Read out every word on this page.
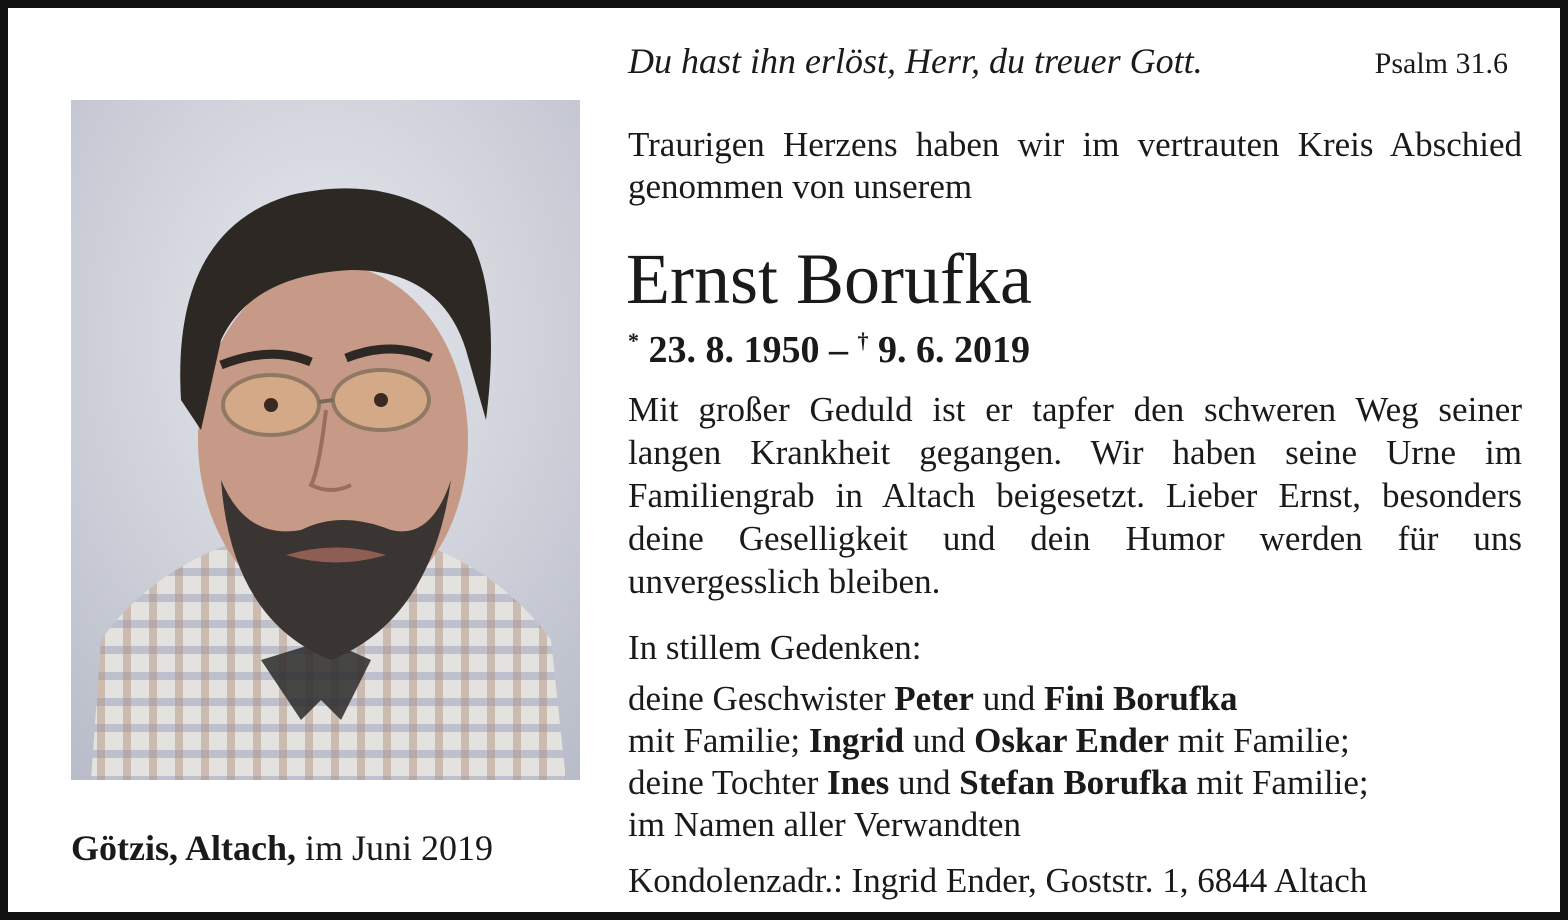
Götzis, Altach, im Juni 2019
Du hast ihn erlöst, Herr, du treuer Gott.	Psalm 31.6
Traurigen Herzens haben wir im vertrauten Kreis Abschied genommen von unserem
Ernst Borufka
* 23. 8. 1950 – † 9. 6. 2019
Mit großer Geduld ist er tapfer den schweren Weg seiner langen Krankheit gegangen. Wir haben seine Urne im Familiengrab in Altach beigesetzt. Lieber Ernst, besonders deine Geselligkeit und dein Humor werden für uns unvergesslich bleiben.
In stillem Gedenken:
deine Geschwister Peter und Fini Borufka
mit Familie; Ingrid und Oskar Ender mit Familie;
deine Tochter Ines und Stefan Borufka mit Familie;
im Namen aller Verwandten
Kondolenzadr.: Ingrid Ender, Goststr. 1, 6844 Altach
